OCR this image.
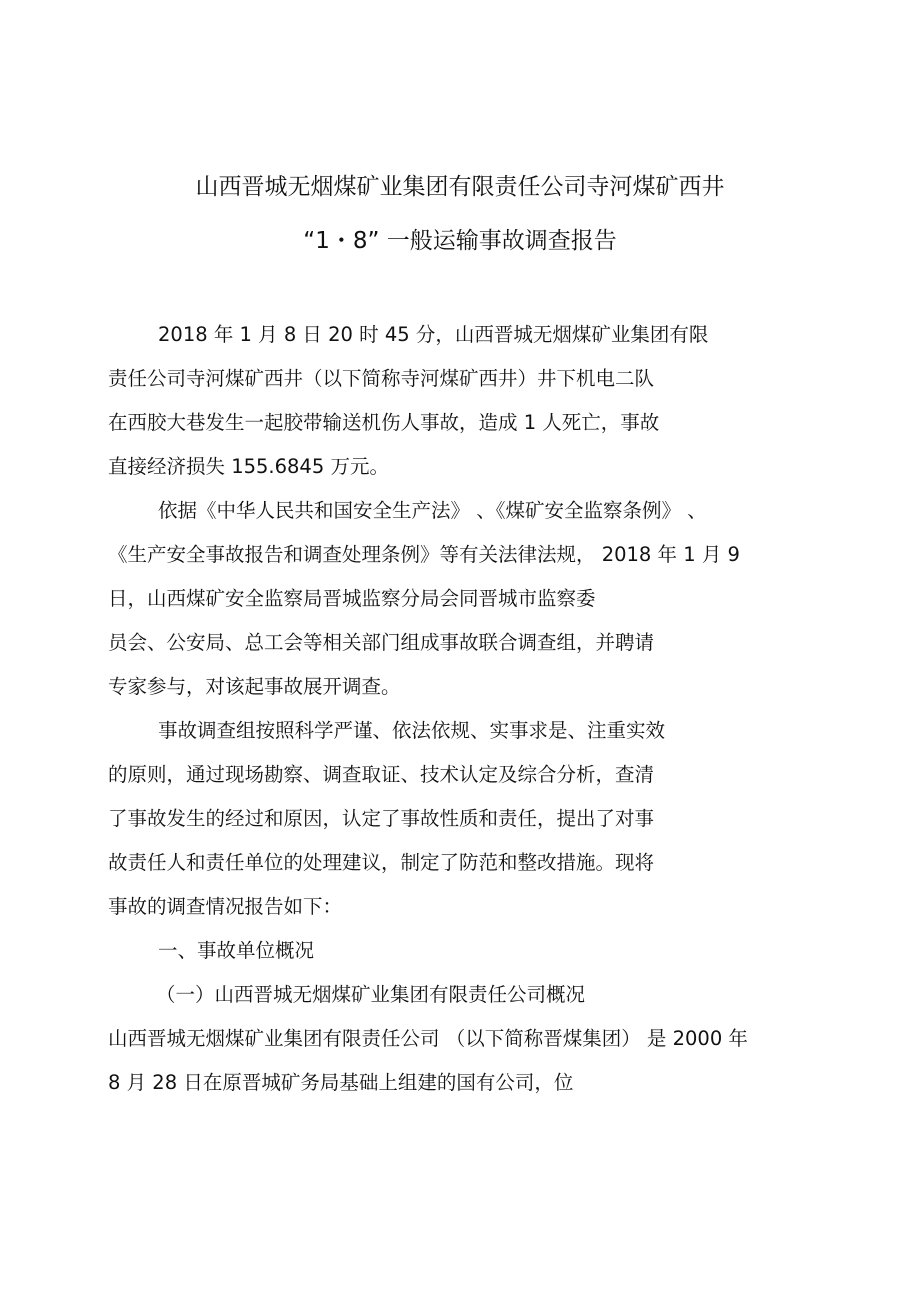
山西晋城无烟煤矿业集团有限责任公司寺河煤矿西井
“1・8” 一般运输事故调查报告
2018 年 1 月 8 日 20 时 45 分，山西晋城无烟煤矿业集团有限
责任公司寺河煤矿西井（以下简称寺河煤矿西井）井下机电二队
在西胶大巷发生一起胶带输送机伤人事故，造成 1 人死亡，事故
直接经济损失 155.6845 万元。
依据《中华人民共和国安全生产法》 、《煤矿安全监察条例》 、
《生产安全事故报告和调查处理条例》等有关法律法规， 2018 年 1 月 9
日，山西煤矿安全监察局晋城监察分局会同晋城市监察委
员会、公安局、总工会等相关部门组成事故联合调查组，并聘请
专家参与，对该起事故展开调查。
事故调查组按照科学严谨、依法依规、实事求是、注重实效
的原则，通过现场勘察、调查取证、技术认定及综合分析，查清
了事故发生的经过和原因，认定了事故性质和责任，提出了对事
故责任人和责任单位的处理建议，制定了防范和整改措施。现将
事故的调查情况报告如下：
一、事故单位概况
（一）山西晋城无烟煤矿业集团有限责任公司概况
山西晋城无烟煤矿业集团有限责任公司 （以下简称晋煤集团） 是 2000 年
8 月 28 日在原晋城矿务局基础上组建的国有公司，位
